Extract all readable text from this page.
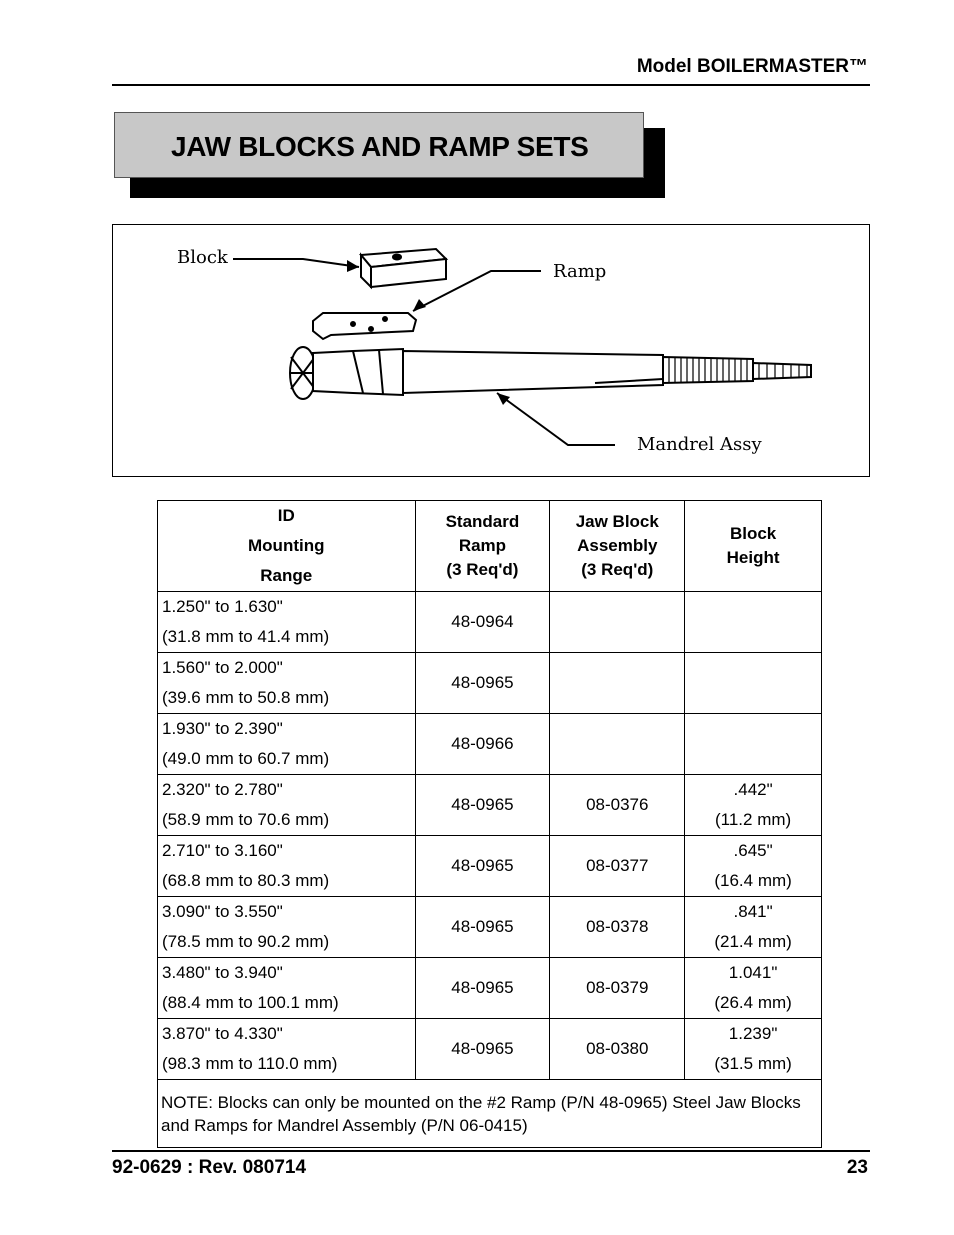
Model BOILERMASTER™
JAW BLOCKS AND RAMP SETS
Block
Ramp
Mandrel Assy
ID
Mounting
Range	Standard
Ramp
(3 Req'd)	Jaw Block
Assembly
(3 Req'd)	Block
Height
1.250" to 1.630"
(31.8 mm to 41.4 mm)	48-0964		

1.560" to 2.000"
(39.6 mm to 50.8 mm)	48-0965		

1.930" to 2.390"
(49.0 mm to 60.7 mm)	48-0966		

2.320" to 2.780"
(58.9 mm to 70.6 mm)	48-0965	08-0376	.442"
(11.2 mm)
2.710" to 3.160"
(68.8 mm to 80.3 mm)	48-0965	08-0377	.645"
(16.4 mm)
3.090" to 3.550"
(78.5 mm to 90.2 mm)	48-0965	08-0378	.841"
(21.4 mm)
3.480" to 3.940"
(88.4 mm to 100.1 mm)	48-0965	08-0379	1.041"
(26.4 mm)
3.870" to 4.330"
(98.3 mm to 110.0 mm)	48-0965	08-0380	1.239"
(31.5 mm)
NOTE: Blocks can only be mounted on the #2 Ramp (P/N 48-0965) Steel Jaw Blocks and Ramps for Mandrel Assembly (P/N 06-0415)			
92-0629 : Rev. 080714	23
